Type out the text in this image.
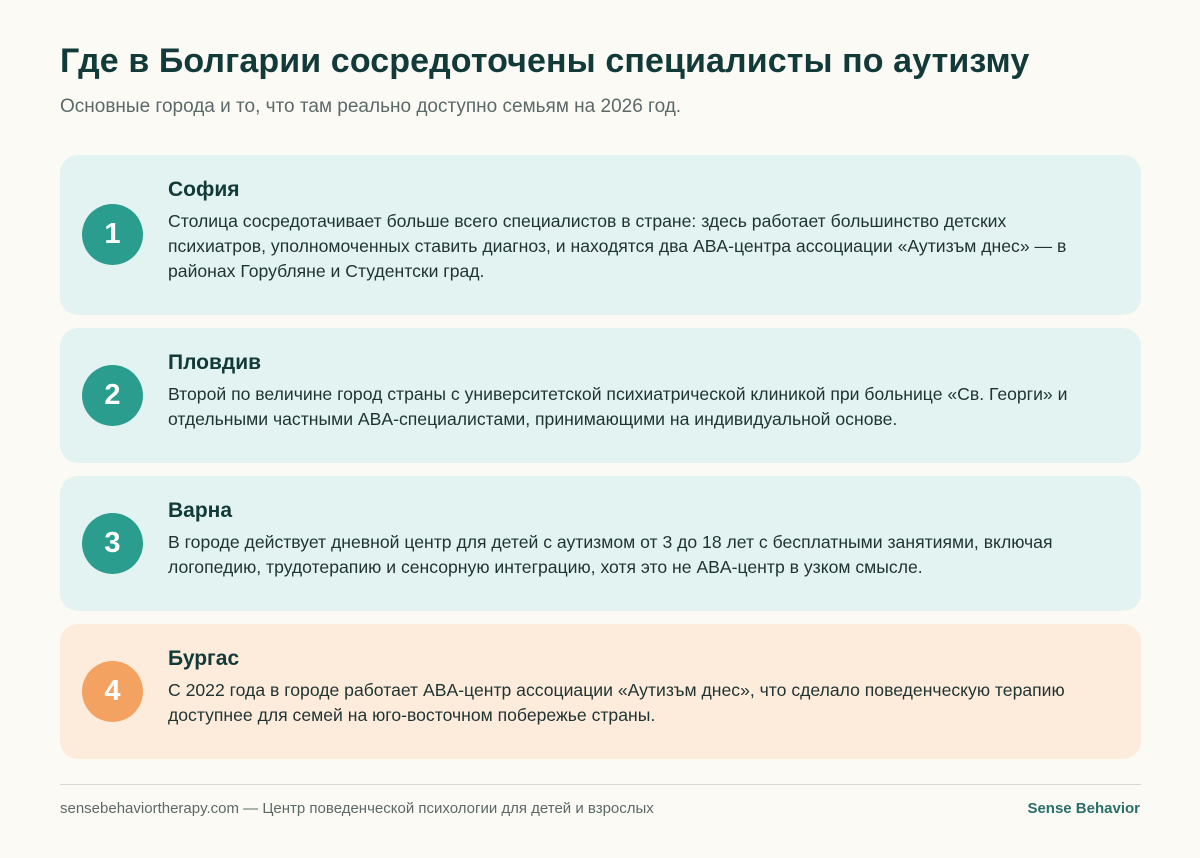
Где в Болгарии сосредоточены специалисты по аутизму

Основные города и то, что там реально доступно семьям на 2026 год.

1
София
Столица сосредотачивает больше всего специалистов в стране: здесь работает большинство детских психиатров, уполномоченных ставить диагноз, и находятся два ABA-центра ассоциации «Аутизъм днес» — в районах Горубляне и Студентски град.
2
Пловдив
Второй по величине город страны с университетской психиатрической клиникой при больнице «Св. Георги» и отдельными частными ABA-специалистами, принимающими на индивидуальной основе.
3
Варна
В городе действует дневной центр для детей с аутизмом от 3 до 18 лет с бесплатными занятиями, включая логопедию, трудотерапию и сенсорную интеграцию, хотя это не ABA-центр в узком смысле.
4
Бургас
С 2022 года в городе работает ABA-центр ассоциации «Аутизъм днес», что сделало поведенческую терапию доступнее для семей на юго-восточном побережье страны.
sensebehaviortherapy.com — Центр поведенческой психологии для детей и взрослых	Sense Behavior
